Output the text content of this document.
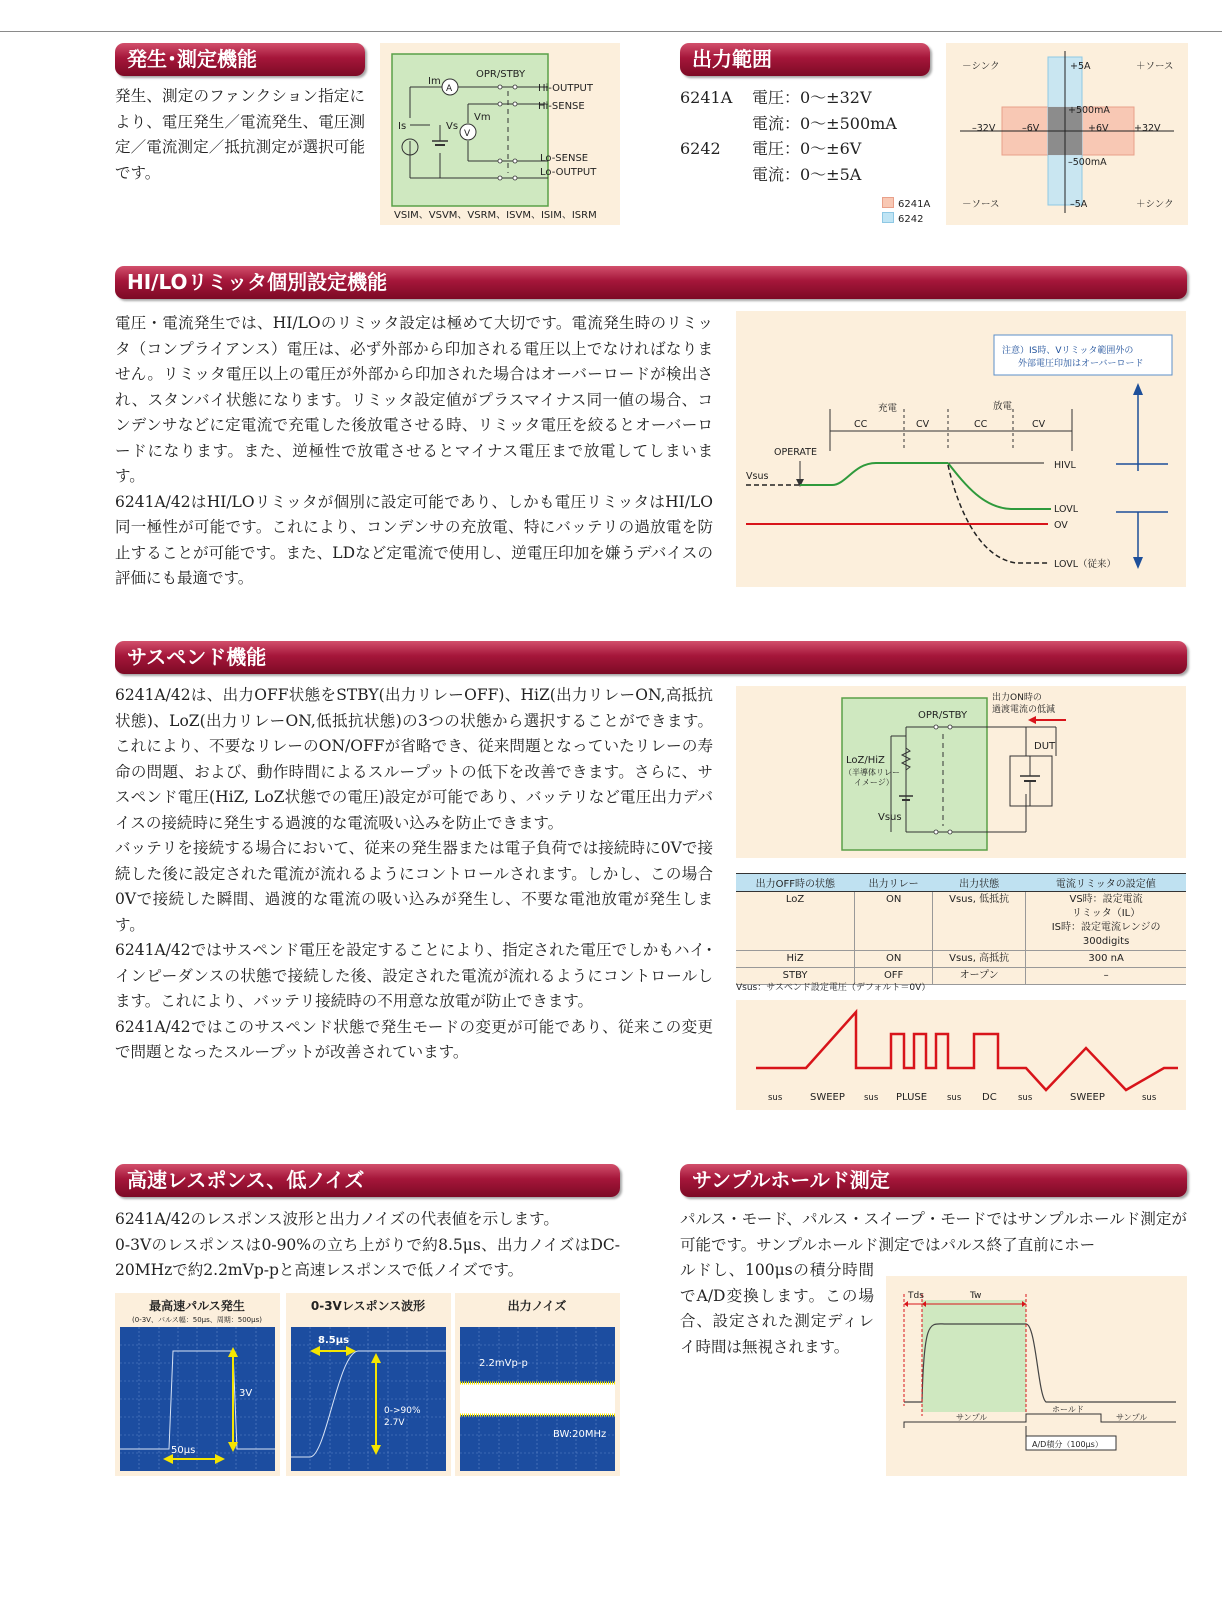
発生･測定機能
発生、測定のファンクション指定により、電圧発生／電流発生、電圧測定／電流測定／抵抗測定が選択可能です。
OPR/STBY
Im
A
Is	Vs
Vm
V
Hi-OUTPUT
Hi-SENSE
Lo-SENSE
Lo-OUTPUT
VSIM、VSVM、VSRM、ISVM、ISIM、ISRM
出力範囲
6241A 電圧：0～±32V
電流：0～±500mA
6242 電圧：0～±6V
電流：0～±5A
6241A
6242
－シンク	＋ソース
－ソース	＋シンク
+5A
–5A
+500mA
–500mA
–32V	–6V	+6V	+32V
HI/LOリミッタ個別設定機能

電圧・電流発生では、HI/LOのリミッタ設定は極めて大切です。電流発生時のリミッタ（コンプライアンス）電圧は、必ず外部から印加される電圧以上でなければなりません。リミッタ電圧以上の電圧が外部から印加された場合はオーバーロードが検出され、スタンバイ状態になります。リミッタ設定値がプラスマイナス同一値の場合、コンデンサなどに定電流で充電した後放電させる時、リミッタ電圧を絞るとオーバーロードになります。また、逆極性で放電させるとマイナス電圧まで放電してしまいます。

6241A/42はHI/LOリミッタが個別に設定可能であり、しかも電圧リミッタはHI/LO同一極性が可能です。これにより、コンデンサの充放電、特にバッテリの過放電を防止することが可能です。また、LDなど定電流で使用し、逆電圧印加を嫌うデバイスの評価にも最適です。

注意）IS時、Vリミッタ範囲外の
外部電圧印加はオーバーロード
充電	放電
CC	CV	CC	CV
OPERATE
Vsus
HIVL
LOVL
OV
LOVL（従来）
サスペンド機能

6241A/42は、出力OFF状態をSTBY(出力リレーOFF)、HiZ(出力リレーON,高抵抗状態)、LoZ(出力リレーON,低抵抗状態)の3つの状態から選択することができます。これにより、不要なリレーのON/OFFが省略でき、従来問題となっていたリレーの寿命の問題、および、動作時間によるスループットの低下を改善できます。さらに、サスペンド電圧(HiZ, LoZ状態での電圧)設定が可能であり、バッテリなど電圧出力デバイスの接続時に発生する過渡的な電流吸い込みを防止できます。

バッテリを接続する場合において、従来の発生器または電子負荷では接続時に0Vで接続した後に設定された電流が流れるようにコントロールされます。しかし、この場合0Vで接続した瞬間、過渡的な電流の吸い込みが発生し、不要な電池放電が発生します。

6241A/42ではサスペンド電圧を設定することにより、指定された電圧でしかもハイ･インピーダンスの状態で接続した後、設定された電流が流れるようにコントロールします。これにより、バッテリ接続時の不用意な放電が防止できます。

6241A/42ではこのサスペンド状態で発生モードの変更が可能であり、従来この変更で問題となったスループットが改善されています。

出力ON時の
過渡電流の低減
OPR/STBY
LoZ/HiZ
（半導体リレー
イメージ）
Vsus
DUT
出力OFF時の状態	出力リレー	出力状態	電流リミッタの設定値
LoZ	ON	Vsus, 低抵抗	VS時：設定電流
リミッタ（IL）
IS時：設定電流レンジの
300digits

HiZ	ON	Vsus, 高抵抗	300 nA
STBY	OFF	オープン	–
Vsus：サスペンド設定電圧（デフォルト＝0V）
sus	SWEEP sus PLUSE sus DC	sus	SWEEP	sus
高速レスポンス、低ノイズ

6241A/42のレスポンス波形と出力ノイズの代表値を示します。

0-3Vのレスポンスは0-90%の立ち上がりで約8.5μs、出力ノイズはDC-20MHzで約2.2mVp-pと高速レスポンスで低ノイズです。

最高速パルス発生
(0-3V、パルス幅：50μs、周期：500μs)
3V
50μs
0-3Vレスポンス波形
8.5μs
0->90%
2.7V
出力ノイズ
2.2mVp-p
BW:20MHz
サンプルホールド測定
パルス・モード、パルス・スイープ・モードではサンプルホールド測定が可能です。サンプルホールド測定ではパルス終了直前にホー
ルドし、100μsの積分時間でA/D変換します。この場合、設定された測定ディレイ時間は無視されます。
Tds	Tw
サンプル
ホールド
サンプル
A/D積分（100μs）
